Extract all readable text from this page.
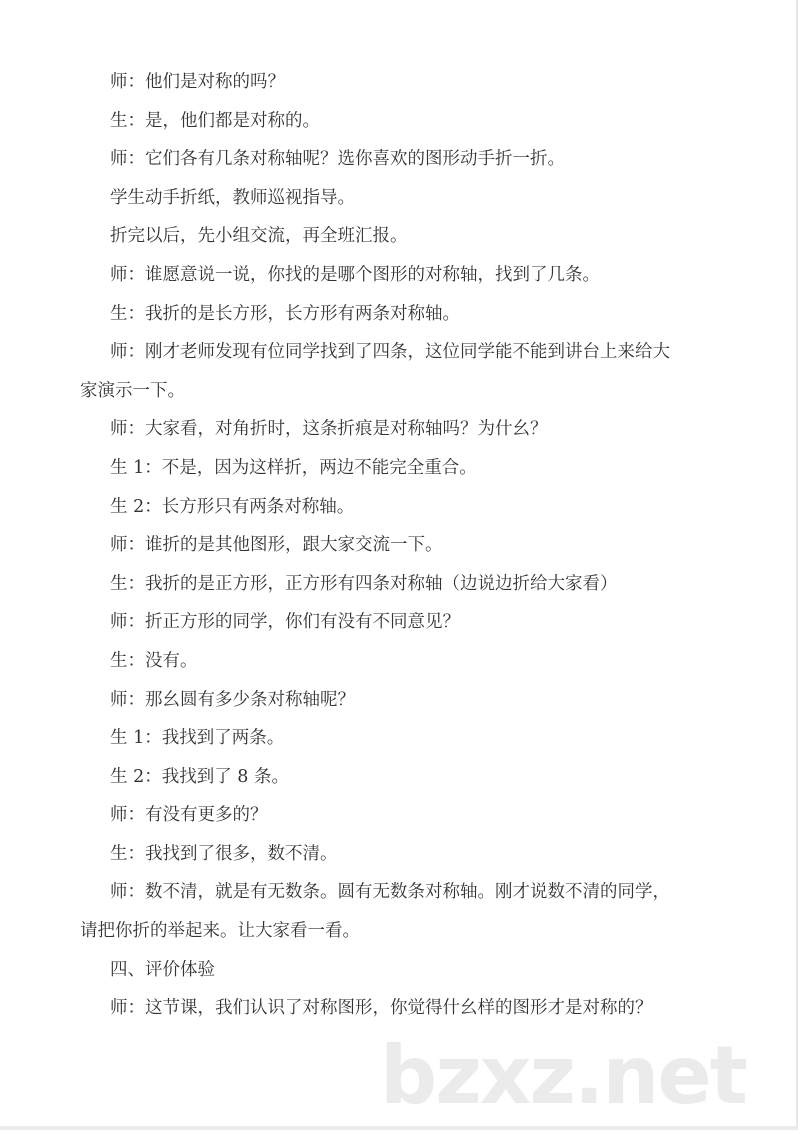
bzxz.net
师：他们是对称的吗？
生：是，他们都是对称的。
师：它们各有几条对称轴呢？选你喜欢的图形动手折一折。
学生动手折纸，教师巡视指导。
折完以后，先小组交流，再全班汇报。
师：谁愿意说一说，你找的是哪个图形的对称轴，找到了几条。
生：我折的是长方形，长方形有两条对称轴。
师：刚才老师发现有位同学找到了四条，这位同学能不能到讲台上来给大
家演示一下。
师：大家看，对角折时，这条折痕是对称轴吗？为什幺？
生 1：不是，因为这样折，两边不能完全重合。
生 2：长方形只有两条对称轴。
师：谁折的是其他图形，跟大家交流一下。
生：我折的是正方形，正方形有四条对称轴（边说边折给大家看）
师：折正方形的同学，你们有没有不同意见？
生：没有。
师：那幺圆有多少条对称轴呢？
生 1：我找到了两条。
生 2：我找到了 8 条。
师：有没有更多的？
生：我找到了很多，数不清。
师：数不清，就是有无数条。圆有无数条对称轴。刚才说数不清的同学，
请把你折的举起来。让大家看一看。
四、评价体验
师：这节课，我们认识了对称图形，你觉得什幺样的图形才是对称的？
